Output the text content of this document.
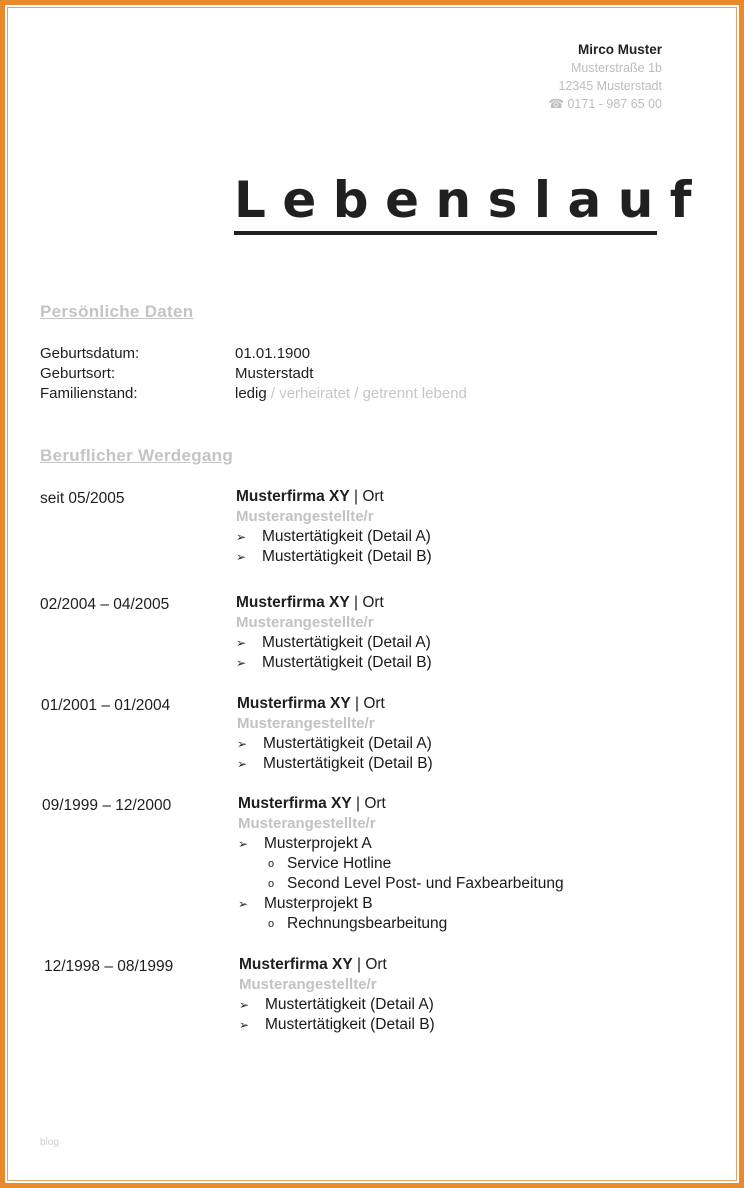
Mirco Muster
Musterstraße 1b
12345 Musterstadt
☎ 0171 - 987 65 00
Lebenslauf
Persönliche Daten
Geburtsdatum:	01.01.1900
Geburtsort:	Musterstadt
Familienstand:	ledig / verheiratet / getrennt lebend
Beruflicher Werdegang
seit 05/2005	Musterfirma XY | Ort
Musterangestellte/r
➢	Mustertätigkeit (Detail A)
➢	Mustertätigkeit (Detail B)
02/2004 – 04/2005	Musterfirma XY | Ort
Musterangestellte/r
➢	Mustertätigkeit (Detail A)
➢	Mustertätigkeit (Detail B)
01/2001 – 01/2004	Musterfirma XY | Ort
Musterangestellte/r
➢	Mustertätigkeit (Detail A)
➢	Mustertätigkeit (Detail B)
09/1999 – 12/2000	Musterfirma XY | Ort
Musterangestellte/r
➢	Musterprojekt A
o Service Hotline
o Second Level Post- und Faxbearbeitung
➢	Musterprojekt B
o Rechnungsbearbeitung
12/1998 – 08/1999	Musterfirma XY | Ort
Musterangestellte/r
➢	Mustertätigkeit (Detail A)
➢	Mustertätigkeit (Detail B)
blog
